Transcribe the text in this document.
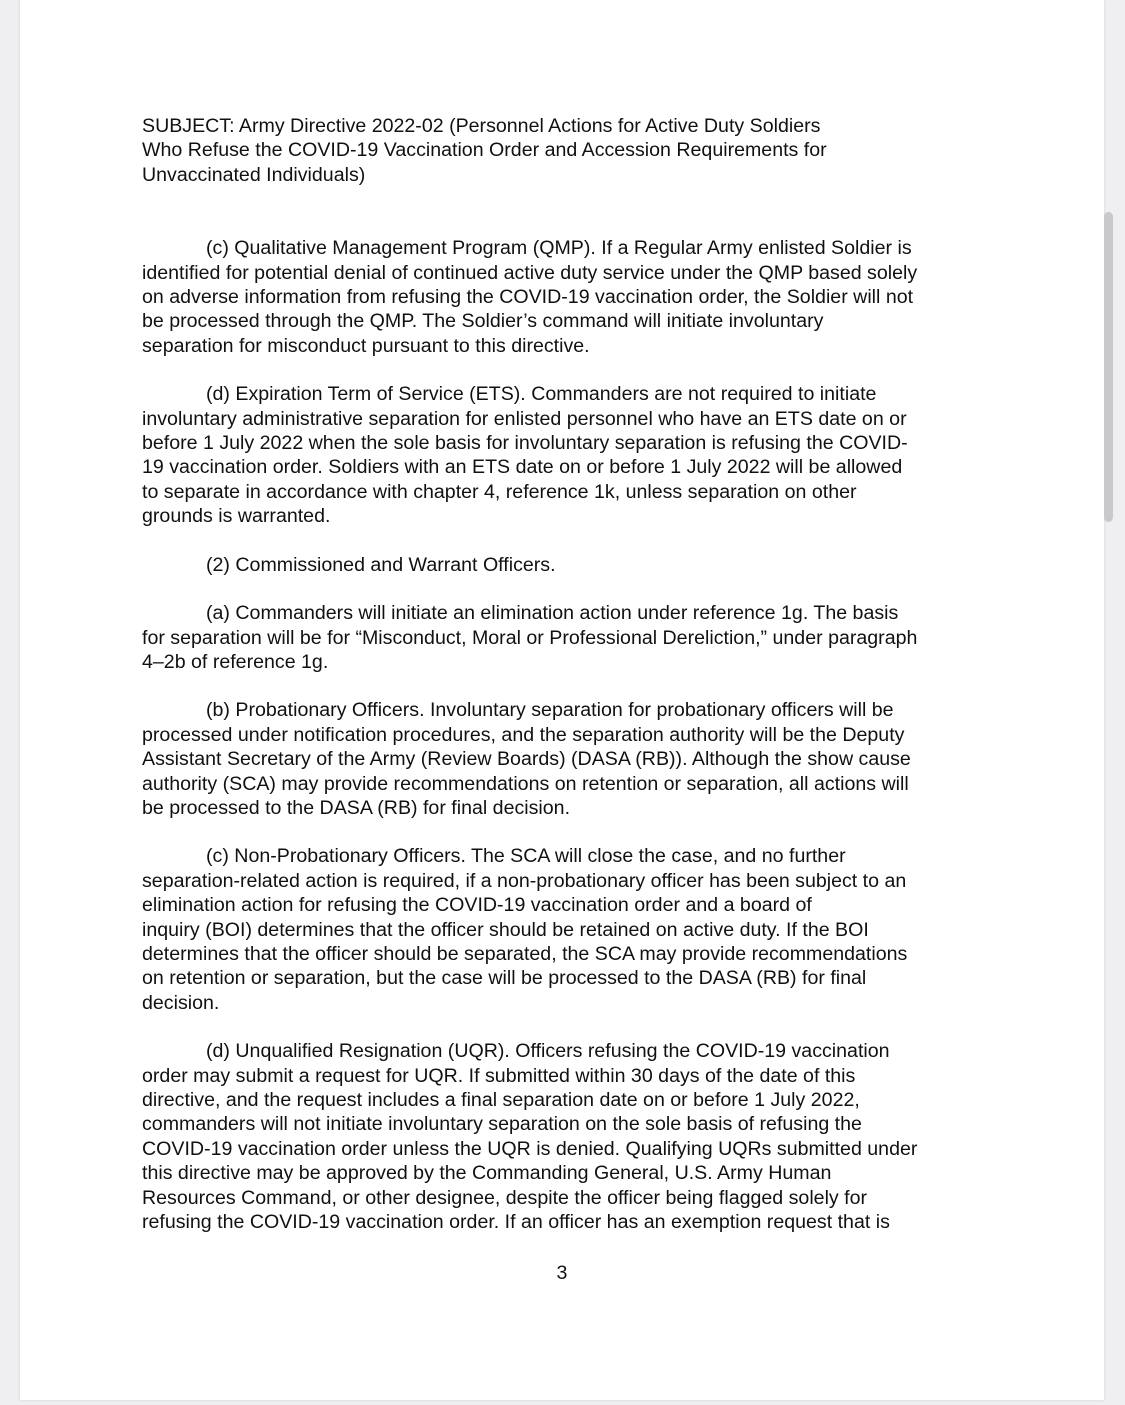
SUBJECT: Army Directive 2022-02 (Personnel Actions for Active Duty Soldiers
Who Refuse the COVID-19 Vaccination Order and Accession Requirements for
Unvaccinated Individuals)
(c) Qualitative Management Program (QMP). If a Regular Army enlisted Soldier is
identified for potential denial of continued active duty service under the QMP based solely
on adverse information from refusing the COVID-19 vaccination order, the Soldier will not
be processed through the QMP. The Soldier’s command will initiate involuntary
separation for misconduct pursuant to this directive.
(d) Expiration Term of Service (ETS). Commanders are not required to initiate
involuntary administrative separation for enlisted personnel who have an ETS date on or
before 1 July 2022 when the sole basis for involuntary separation is refusing the COVID-
19 vaccination order. Soldiers with an ETS date on or before 1 July 2022 will be allowed
to separate in accordance with chapter 4, reference 1k, unless separation on other
grounds is warranted.
(2) Commissioned and Warrant Officers.
(a) Commanders will initiate an elimination action under reference 1g. The basis
for separation will be for “Misconduct, Moral or Professional Dereliction,” under paragraph
4–2b of reference 1g.
(b) Probationary Officers. Involuntary separation for probationary officers will be
processed under notification procedures, and the separation authority will be the Deputy
Assistant Secretary of the Army (Review Boards) (DASA (RB)). Although the show cause
authority (SCA) may provide recommendations on retention or separation, all actions will
be processed to the DASA (RB) for final decision.
(c) Non-Probationary Officers. The SCA will close the case, and no further
separation-related action is required, if a non-probationary officer has been subject to an
elimination action for refusing the COVID-19 vaccination order and a board of
inquiry (BOI) determines that the officer should be retained on active duty. If the BOI
determines that the officer should be separated, the SCA may provide recommendations
on retention or separation, but the case will be processed to the DASA (RB) for final
decision.
(d) Unqualified Resignation (UQR). Officers refusing the COVID-19 vaccination
order may submit a request for UQR. If submitted within 30 days of the date of this
directive, and the request includes a final separation date on or before 1 July 2022,
commanders will not initiate involuntary separation on the sole basis of refusing the
COVID-19 vaccination order unless the UQR is denied. Qualifying UQRs submitted under
this directive may be approved by the Commanding General, U.S. Army Human
Resources Command, or other designee, despite the officer being flagged solely for
refusing the COVID-19 vaccination order. If an officer has an exemption request that is
3
